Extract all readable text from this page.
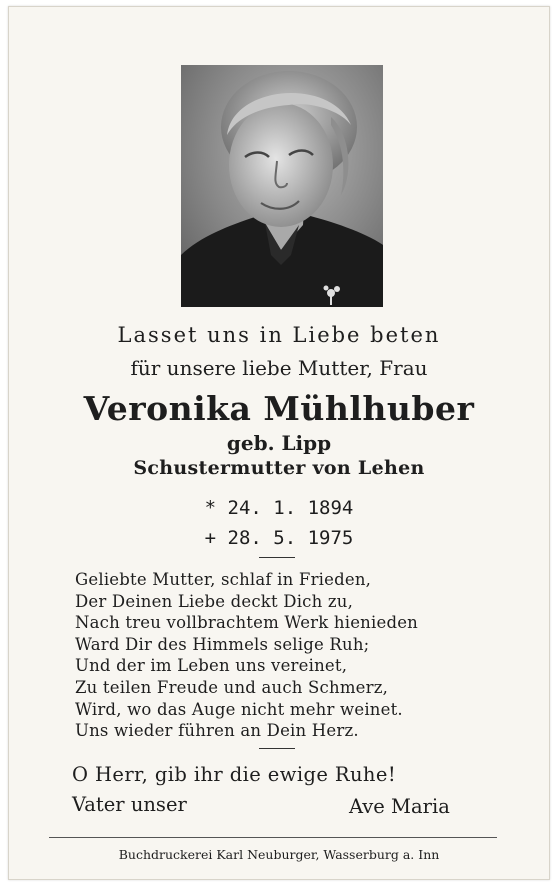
Lasset uns in Liebe beten
für unsere liebe Mutter, Frau
Veronika Mühlhuber
geb. Lipp
Schustermutter von Lehen
* 24. 1. 1894
+ 28. 5. 1975
Geliebte Mutter, schlaf in Frieden,
Der Deinen Liebe deckt Dich zu,
Nach treu vollbrachtem Werk hienieden
Ward Dir des Himmels selige Ruh;
Und der im Leben uns vereinet,
Zu teilen Freude und auch Schmerz,
Wird, wo das Auge nicht mehr weinet.
Uns wieder führen an Dein Herz.
O Herr, gib ihr die ewige Ruhe!
Vater unser	Ave Maria
Buchdruckerei Karl Neuburger, Wasserburg a. Inn
